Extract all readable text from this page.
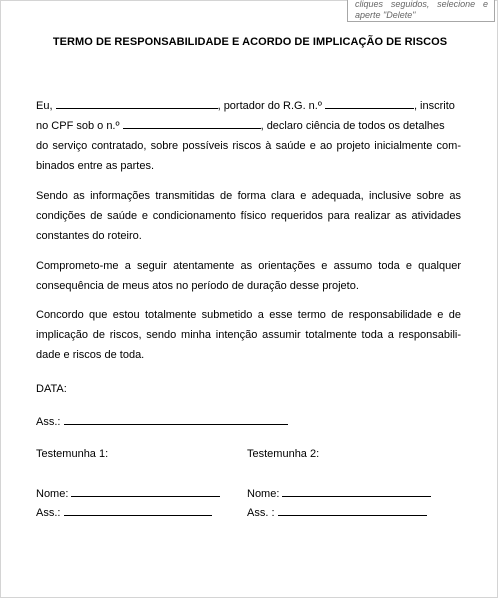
cliques seguidos, selecione e aperte "Delete"
TERMO DE RESPONSABILIDADE E ACORDO DE IMPLICAÇÃO DE RISCOS
Eu,	, portador do R.G. n.º	, inscrito
no CPF sob o n.º	, declaro ciência de todos os detalhes
do serviço contratado, sobre possíveis riscos à saúde e ao projeto inicialmente com-
binados entre as partes.
Sendo as informações transmitidas de forma clara e adequada, inclusive sobre as
condições de saúde e condicionamento físico requeridos para realizar as atividades
constantes do roteiro.
Comprometo-me a seguir atentamente as orientações e assumo toda e qualquer
consequência de meus atos no período de duração desse projeto.
Concordo que estou totalmente submetido a esse termo de responsabilidade e de
implicação de riscos, sendo minha intenção assumir totalmente toda a responsabili-
dade e riscos de toda.
DATA:
Ass.:
Testemunha 1:
Nome:
Ass.:
Testemunha 2:
Nome:
Ass. :
